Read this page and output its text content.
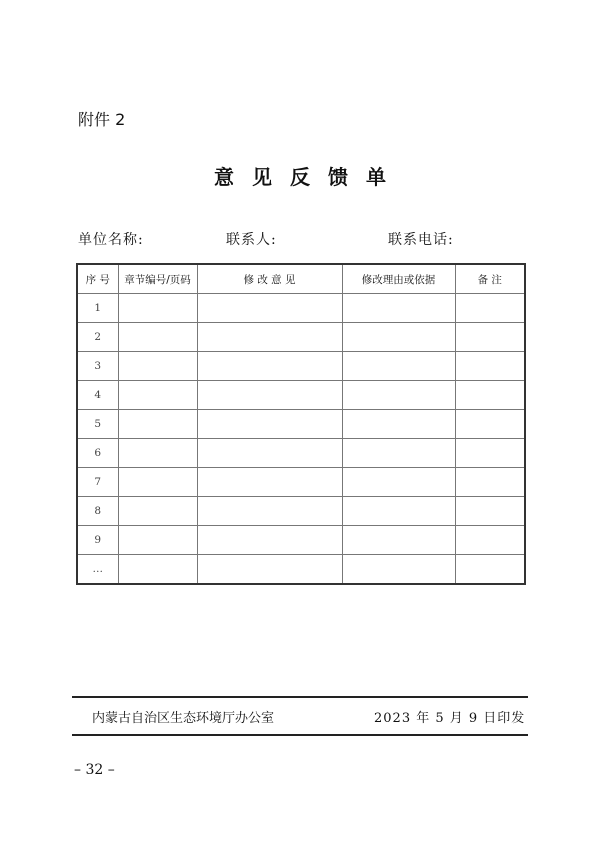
附件 2
意见反馈单
单位名称:	联系人:	联系电话:
序 号	章节编号/页码	修 改 意 见	修改理由或依据	备 注
1				
2				
3				
4				
5				
6				
7				
8				
9				
…				
内蒙古自治区生态环境厅办公室	2023 年 5 月 9 日印发
– 32 –
